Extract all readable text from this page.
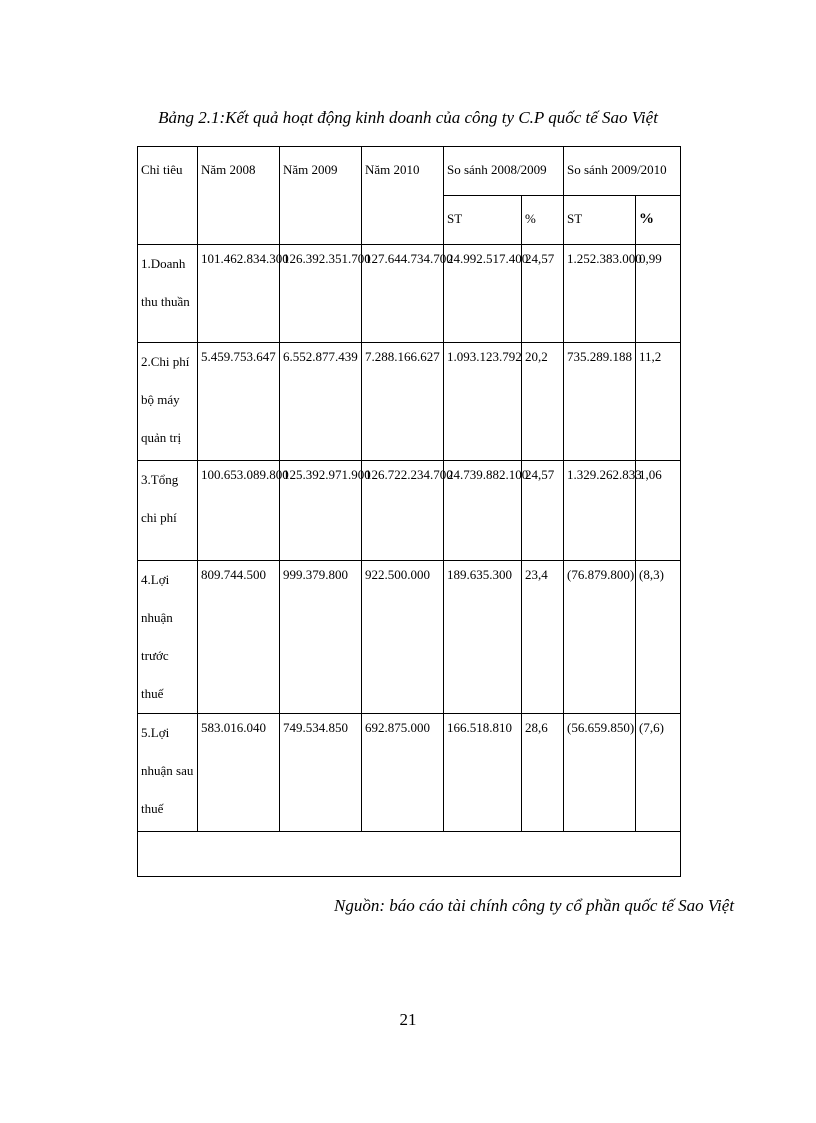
Bảng 2.1:Kết quả hoạt động kinh doanh của công ty C.P quốc tế Sao Việt
Chỉ tiêu	Năm 2008	Năm 2009	Năm 2010	So sánh 2008/2009		So sánh 2009/2010	
				ST	%	ST	%
1.Doanh thu thuần	101.462.834.300	126.392.351.700	127.644.734.700	24.992.517.400	24,57	1.252.383.000	0,99
2.Chi phí bộ máy quản trị	5.459.753.647	6.552.877.439	7.288.166.627	1.093.123.792	20,2	735.289.188	11,2
3.Tổng chi phí	100.653.089.800	125.392.971.900	126.722.234.700	24.739.882.100	24,57	1.329.262.833	1,06
4.Lợi nhuận trước thuế	809.744.500	999.379.800	922.500.000	189.635.300	23,4	(76.879.800)	(8,3)
5.Lợi nhuận sau thuế	583.016.040	749.534.850	692.875.000	166.518.810	28,6	(56.659.850)	(7,6)

Nguồn: báo cáo tài chính công ty cổ phần quốc tế Sao Việt
21
